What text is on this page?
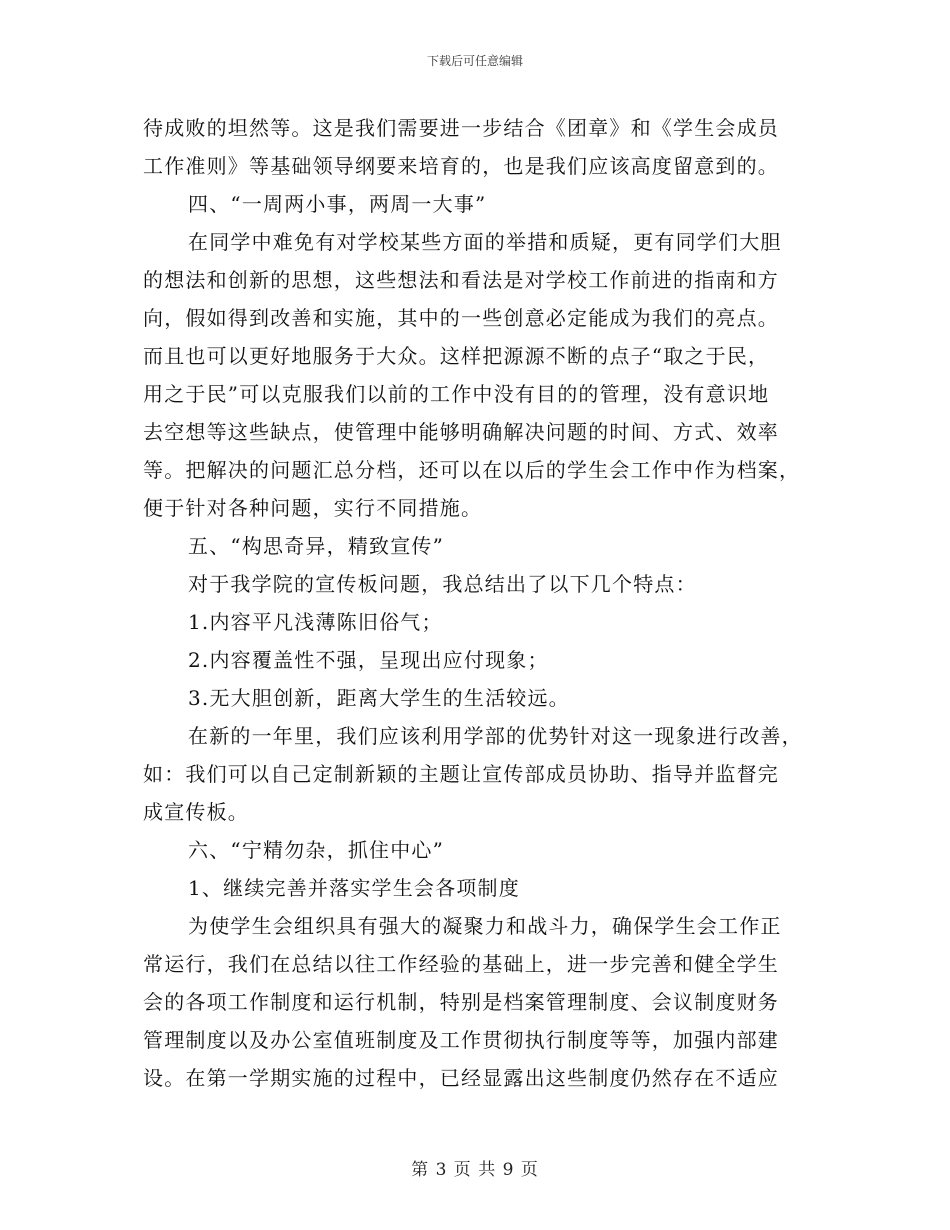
下载后可任意编辑
待成败的坦然等。这是我们需要进一步结合《团章》和《学生会成员
工作准则》等基础领导纲要来培育的，也是我们应该高度留意到的。
四、“一周两小事，两周一大事”
在同学中难免有对学校某些方面的举措和质疑，更有同学们大胆
的想法和创新的思想，这些想法和看法是对学校工作前进的指南和方
向，假如得到改善和实施，其中的一些创意必定能成为我们的亮点。
而且也可以更好地服务于大众。这样把源源不断的点子“取之于民，
用之于民”可以克服我们以前的工作中没有目的的管理，没有意识地
去空想等这些缺点，使管理中能够明确解决问题的时间、方式、效率
等。把解决的问题汇总分档，还可以在以后的学生会工作中作为档案，
便于针对各种问题，实行不同措施。
五、“构思奇异，精致宣传”
对于我学院的宣传板问题，我总结出了以下几个特点：
1.内容平凡浅薄陈旧俗气；
2.内容覆盖性不强，呈现出应付现象；
3.无大胆创新，距离大学生的生活较远。
在新的一年里，我们应该利用学部的优势针对这一现象进行改善，
如：我们可以自己定制新颖的主题让宣传部成员协助、指导并监督完
成宣传板。
六、“宁精勿杂，抓住中心”
1、继续完善并落实学生会各项制度
为使学生会组织具有强大的凝聚力和战斗力，确保学生会工作正
常运行，我们在总结以往工作经验的基础上，进一步完善和健全学生
会的各项工作制度和运行机制，特别是档案管理制度、会议制度财务
管理制度以及办公室值班制度及工作贯彻执行制度等等，加强内部建
设。在第一学期实施的过程中，已经显露出这些制度仍然存在不适应
第 3 页 共 9 页
